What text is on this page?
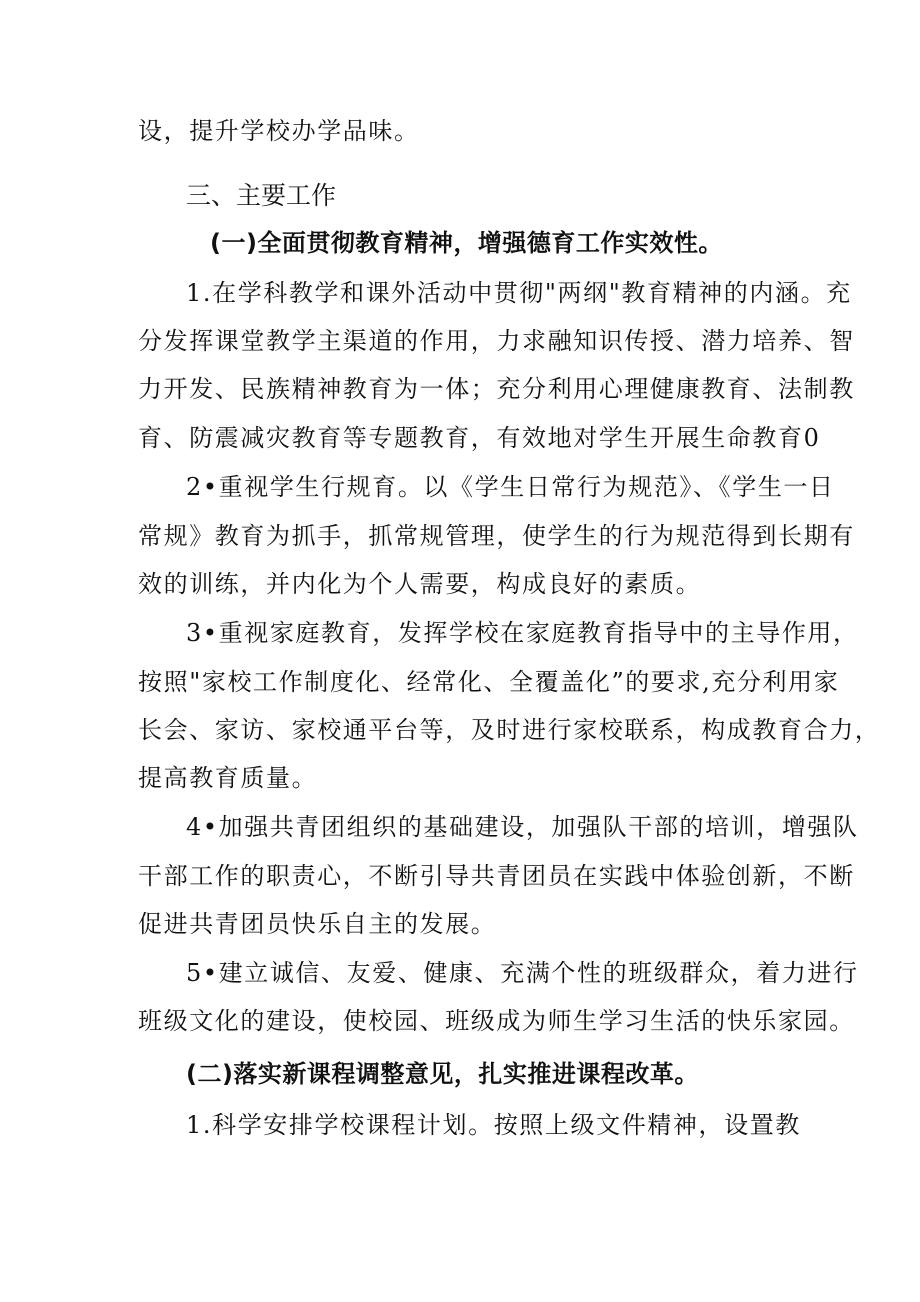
设，提升学校办学品味。
三、主要工作
(一)全面贯彻教育精神，增强德育工作实效性。
1.在学科教学和课外活动中贯彻"两纲"教育精神的内涵。充
分发挥课堂教学主渠道的作用，力求融知识传授、潜力培养、智
力开发、民族精神教育为一体；充分利用心理健康教育、法制教
育、防震减灾教育等专题教育，有效地对学生开展生命教育0
2•重视学生行规育。以《学生日常行为规范》、《学生一日
常规》教育为抓手，抓常规管理，使学生的行为规范得到长期有
效的训练，并内化为个人需要，构成良好的素质。
3•重视家庭教育，发挥学校在家庭教育指导中的主导作用，
按照"家校工作制度化、经常化、全覆盖化”的要求,充分利用家
长会、家访、家校通平台等，及时进行家校联系，构成教育合力，
提高教育质量。
4•加强共青团组织的基础建设，加强队干部的培训，增强队
干部工作的职责心，不断引导共青团员在实践中体验创新，不断
促进共青团员快乐自主的发展。
5•建立诚信、友爱、健康、充满个性的班级群众，着力进行
班级文化的建设，使校园、班级成为师生学习生活的快乐家园。
(二)落实新课程调整意见，扎实推进课程改革。
1.科学安排学校课程计划。按照上级文件精神，设置教
